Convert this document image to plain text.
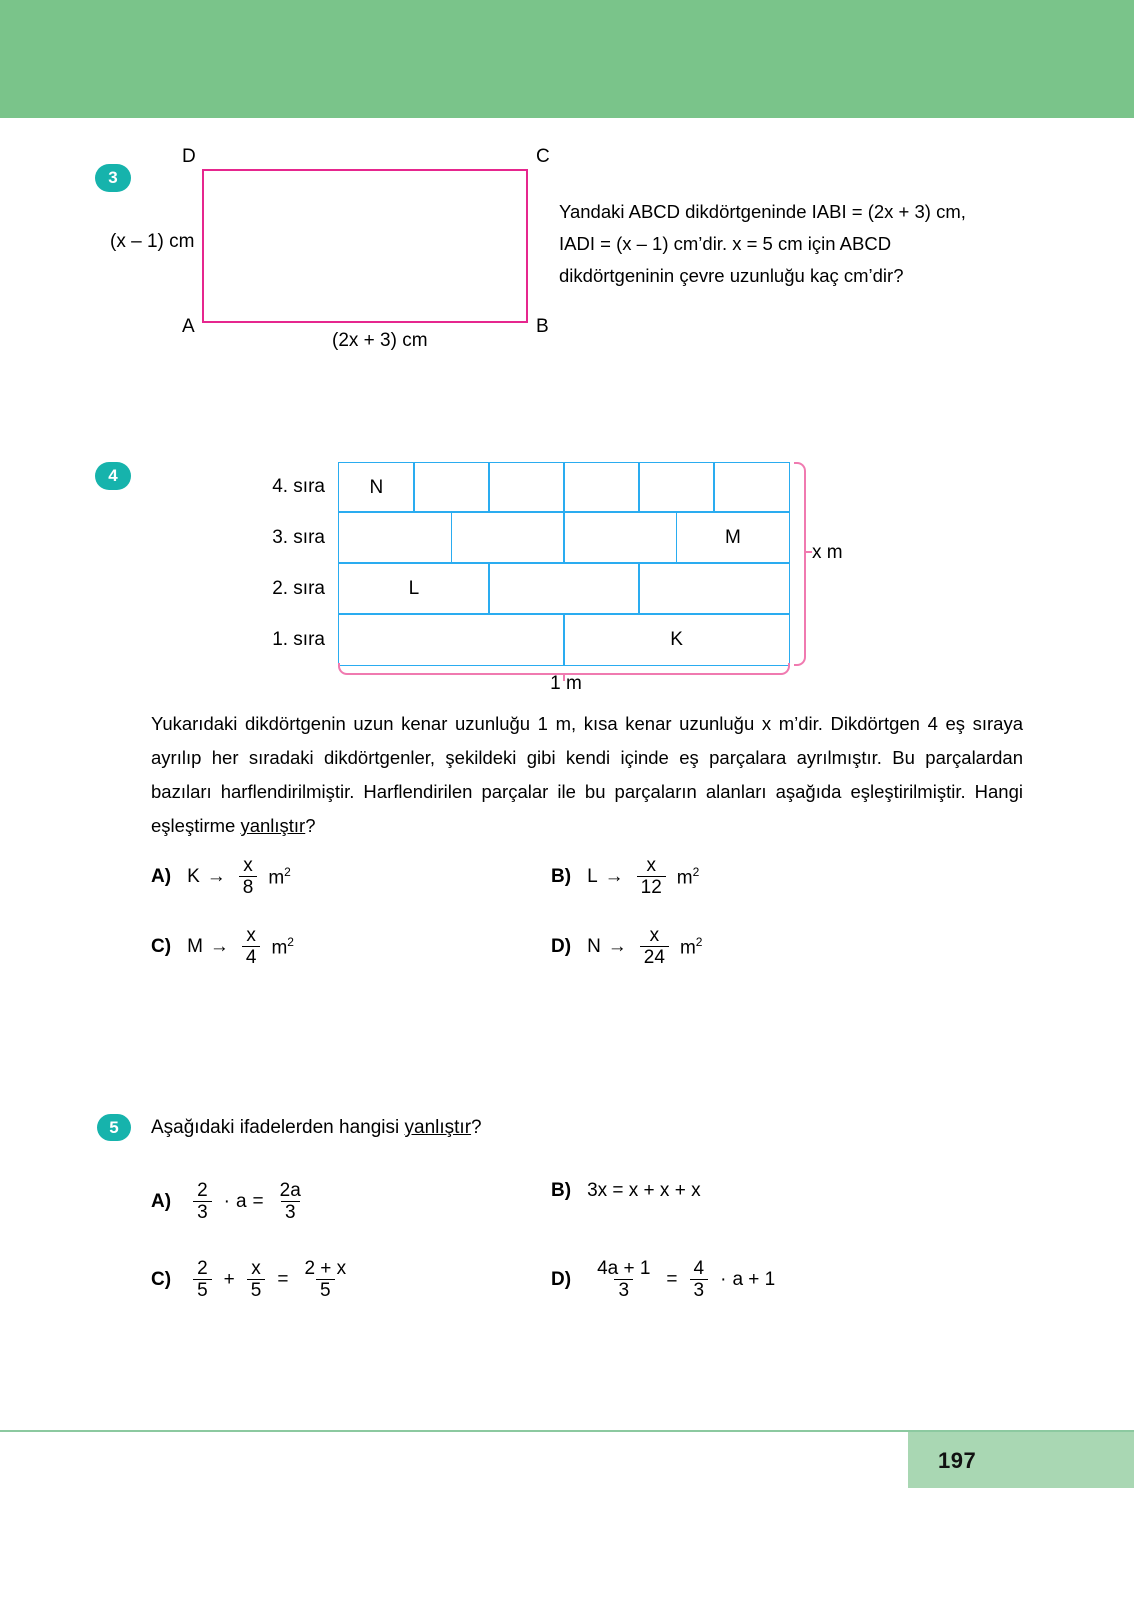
3
D	C
A	B
(x – 1) cm
(2x + 3) cm
Yandaki ABCD dikdörtgeninde IABI = (2x + 3) cm, IADI = (x – 1) cm’dir. x = 5 cm için ABCD dikdörtgeninin çevre uzunluğu kaç cm’dir?
4
4. sıra
3. sıra
2. sıra
1. sıra
N
M
L
K
x m
1 m
Yukarıdaki dikdörtgenin uzun kenar uzunluğu 1 m, kısa kenar uzunluğu x m’dir. Dikdörtgen 4 eş sıraya ayrılıp her sıradaki dikdörtgenler, şekildeki gibi kendi içinde eş parçalara ayrılmıştır. Bu parçalardan bazıları harflendirilmiştir. Harflendirilen parçalar ile bu parçaların alanları aşağıda eşleştirilmiştir. Hangi eşleştirme yanlıştır?
A) $K \to \frac{x}{8} m^2$	B) $L \to \frac{x}{12} m^2$
C) $M \to \frac{x}{4} m^2$	D) $N \to \frac{x}{24} m^2$
5	Aşağıdaki ifadelerden hangisi yanlıştır?
$A) \frac{2}{3} \cdot a = \frac{2a}{3}$	B) 3x = x + x + x
$C) \frac{2}{5} + \frac{x}{5} = \frac{2 + x}{5}$	$D) \frac{4a + 1}{3} = \frac{4}{3} \cdot a + 1$
197
